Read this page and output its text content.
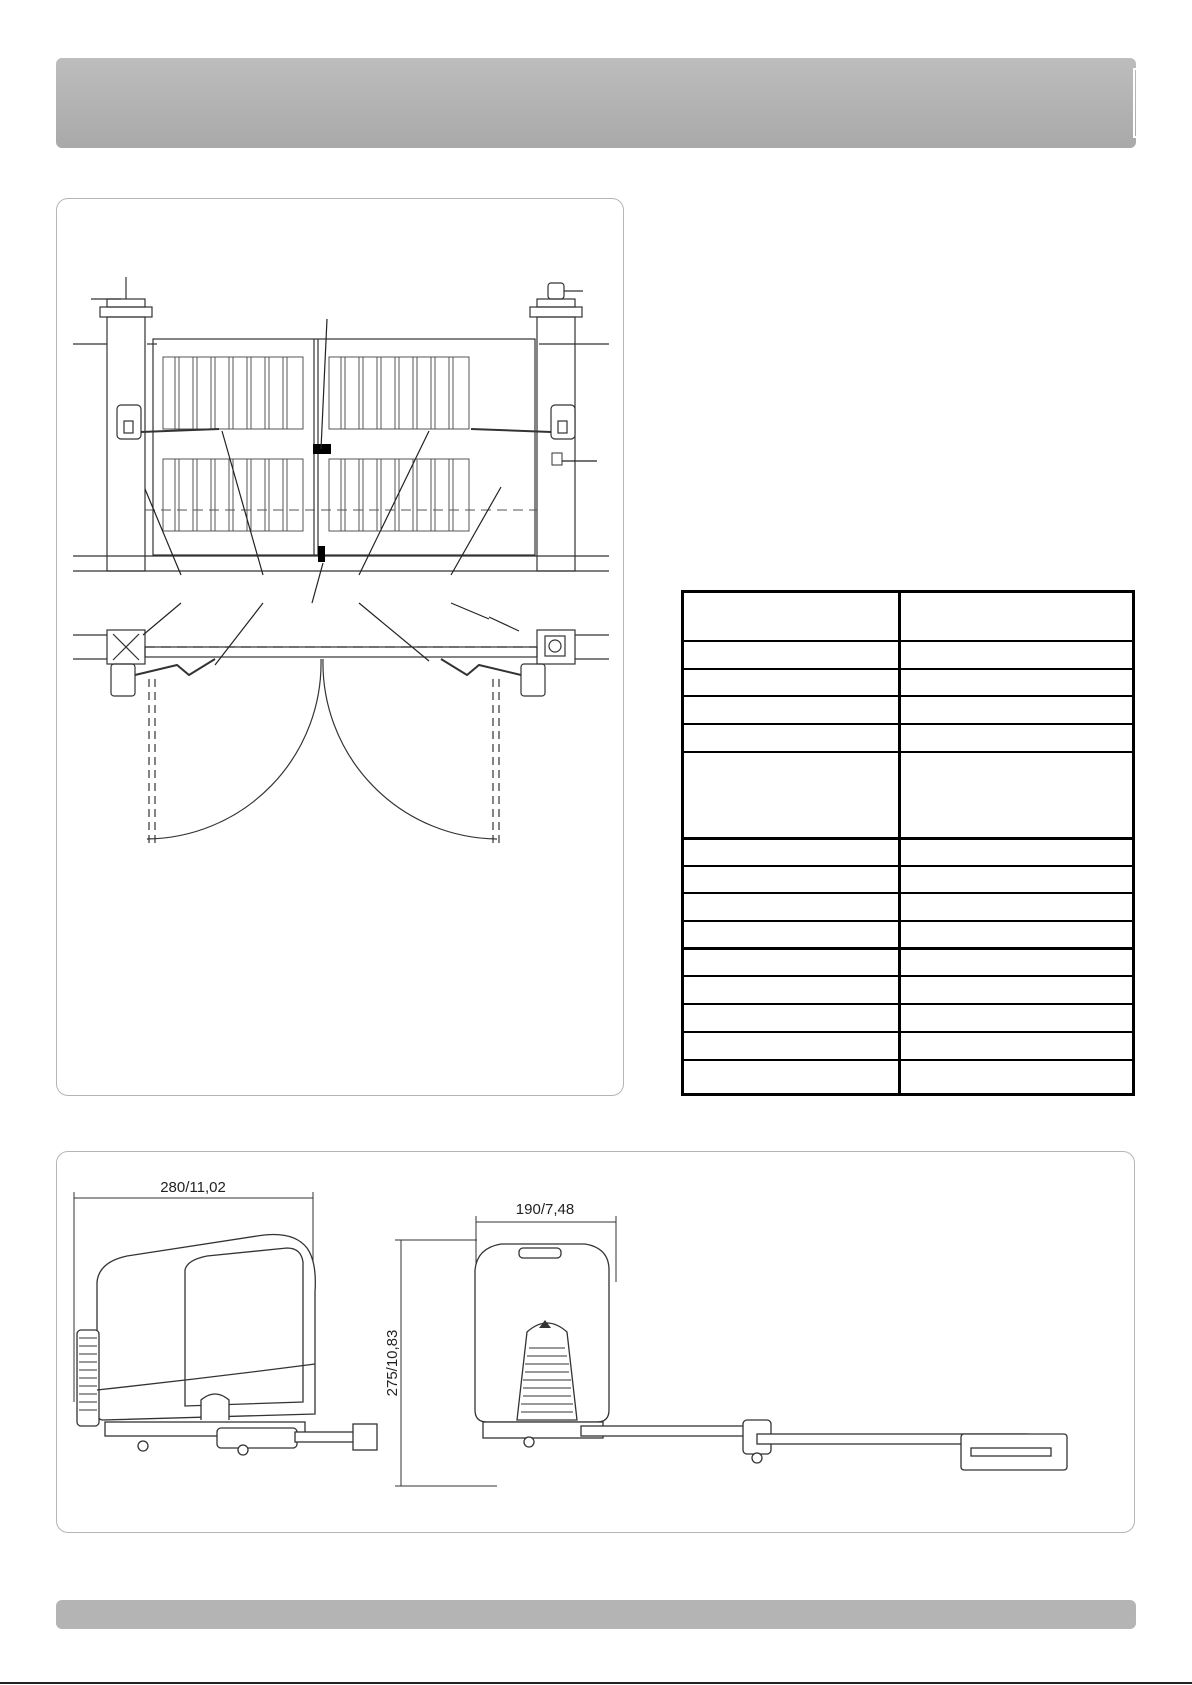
280/11,02
190/7,48
275/10,83
